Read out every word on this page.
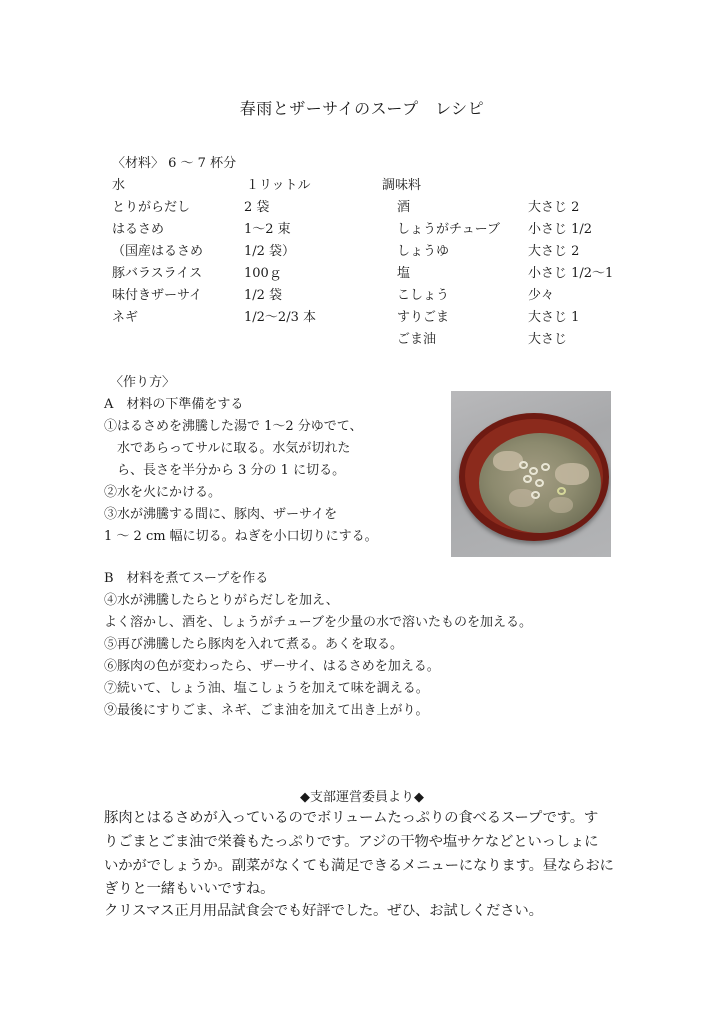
春雨とザーサイのスープ　レシピ
〈材料〉 6 ～ 7 杯分
水	１リットル
とりがらだし	2 袋
はるさめ	1～2 束
（国産はるさめ	1/2 袋）
豚バラスライス	100ｇ
味付きザーサイ	1/2 袋
ネギ	1/2～2/3 本
調味料
酒	大さじ 2
しょうがチューブ 小さじ 1/2
しょうゆ	大さじ 2
塩	小さじ 1/2～1
こしょう	少々
すりごま	大さじ 1
ごま油	大さじ
〈作り方〉
A　材料の下準備をする
①はるさめを沸騰した湯で 1～2 分ゆでて、
　水であらってサルに取る。水気が切れた
　ら、長さを半分から 3 分の 1 に切る。
②水を火にかける。
③水が沸騰する間に、豚肉、ザーサイを
1 ～ 2 cm 幅に切る。ねぎを小口切りにする。
B　材料を煮てスープを作る
④水が沸騰したらとりがらだしを加え、
よく溶かし、酒を、しょうがチューブを少量の水で溶いたものを加える。
⑤再び沸騰したら豚肉を入れて煮る。あくを取る。
⑥豚肉の色が変わったら、ザーサイ、はるさめを加える。
⑦続いて、しょう油、塩こしょうを加えて味を調える。
⑨最後にすりごま、ネギ、ごま油を加えて出き上がり。
◆支部運営委員より◆
豚肉とはるさめが入っているのでボリュームたっぷりの食べるスープです。す
りごまとごま油で栄養もたっぷりです。アジの干物や塩サケなどといっしょに
いかがでしょうか。副菜がなくても満足できるメニューになります。昼ならおに
ぎりと一緒もいいですね。
クリスマス正月用品試食会でも好評でした。ぜひ、お試しください。
